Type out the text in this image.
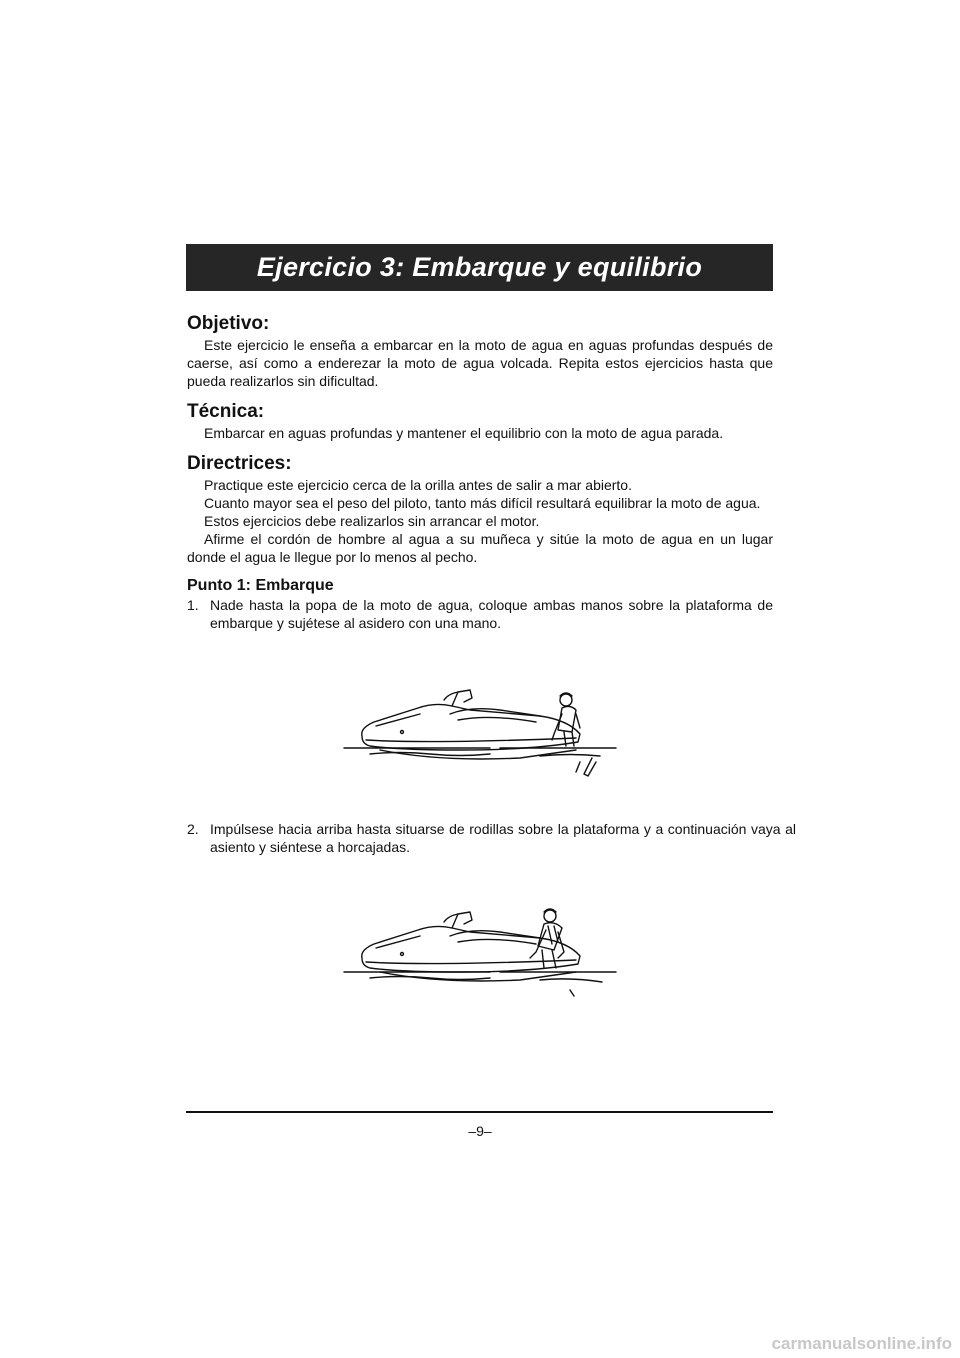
Ejercicio 3: Embarque y equilibrio
Objetivo:

Este ejercicio le enseña a embarcar en la moto de agua en aguas profundas después de caerse, así como a enderezar la moto de agua volcada. Repita estos ejercicios hasta que pueda realizarlos sin dificultad.

Técnica:

Embarcar en aguas profundas y mantener el equilibrio con la moto de agua parada.

Directrices:

Practique este ejercicio cerca de la orilla antes de salir a mar abierto.

Cuanto mayor sea el peso del piloto, tanto más difícil resultará equilibrar la moto de agua.

Estos ejercicios debe realizarlos sin arrancar el motor.

Afirme el cordón de hombre al agua a su muñeca y sitúe la moto de agua en un lugar donde el agua le llegue por lo menos al pecho.

Punto 1: Embarque
1. Nade hasta la popa de la moto de agua, coloque ambas manos sobre la plataforma de embarque y sujétese al asidero con una mano.
2. Impúlsese hacia arriba hasta situarse de rodillas sobre la plataforma y a continuación vaya al asiento y siéntese a horcajadas.
–9–
carmanualsonline.info
